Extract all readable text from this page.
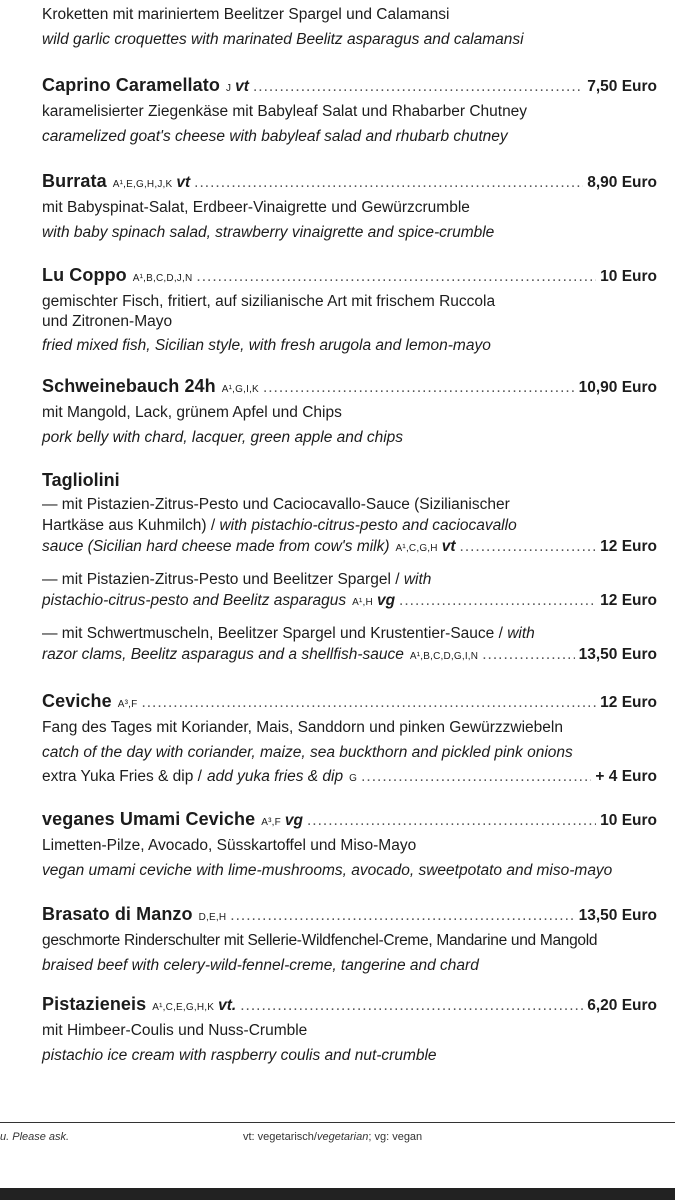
Kroketten mit mariniertem Beelitzer Spargel und Calamansi
wild garlic croquettes with marinated Beelitz asparagus and calamansi
Caprino Caramellato J vt .....	7,50 Euro
karamelisierter Ziegenkäse mit Babyleaf Salat und Rhabarber Chutney
caramelized goat's cheese with babyleaf salad and rhubarb chutney
Burrata A¹,E,G,H,J,K vt .....	8,90 Euro
mit Babyspinat-Salat, Erdbeer-Vinaigrette und Gewürzcrumble
with baby spinach salad, strawberry vinaigrette and spice-crumble
Lu Coppo A¹,B,C,D,J,N .....	10 Euro
gemischter Fisch, fritiert, auf sizilianische Art mit frischem Ruccola
und Zitronen-Mayo
fried mixed fish, Sicilian style, with fresh arugola and lemon-mayo
Schweinebauch 24h A¹,G,I,K .....	10,90 Euro
mit Mangold, Lack, grünem Apfel und Chips
pork belly with chard, lacquer, green apple and chips
Tagliolini
— mit Pistazien-Zitrus-Pesto und Caciocavallo-Sauce (Sizilianischer
Hartkäse aus Kuhmilch) / with pistachio-citrus-pesto and caciocavallo
sauce (Sicilian hard cheese made from cow's milk) A¹,C,G,H vt .....	12 Euro
— mit Pistazien-Zitrus-Pesto und Beelitzer Spargel / with
pistachio-citrus-pesto and Beelitz asparagus A¹,H vg .....	12 Euro
— mit Schwertmuscheln, Beelitzer Spargel und Krustentier-Sauce / with
razor clams, Beelitz asparagus and a shellfish-sauce A¹,B,C,D,G,I,N .....	13,50 Euro
Ceviche A³,F .....	12 Euro
Fang des Tages mit Koriander, Mais, Sanddorn und pinken Gewürzzwiebeln
catch of the day with coriander, maize, sea buckthorn and pickled pink onions
extra Yuka Fries & dip / add yuka fries & dip G .....	+ 4 Euro
veganes Umami Ceviche A³,F vg .....	10 Euro
Limetten-Pilze, Avocado, Süsskartoffel und Miso-Mayo
vegan umami ceviche with lime-mushrooms, avocado, sweetpotato and miso-mayo
Brasato di Manzo D,E,H .....	13,50 Euro
geschmorte Rinderschulter mit Sellerie-Wildfenchel-Creme, Mandarine und Mangold
braised beef with celery-wild-fennel-creme, tangerine and chard
Pistazieneis A¹,C,E,G,H,K vt. .....	6,20 Euro
mit Himbeer-Coulis und Nuss-Crumble
pistachio ice cream with raspberry coulis and nut-crumble
u. Please ask.	vt: vegetarisch/vegetarian; vg: vegan
